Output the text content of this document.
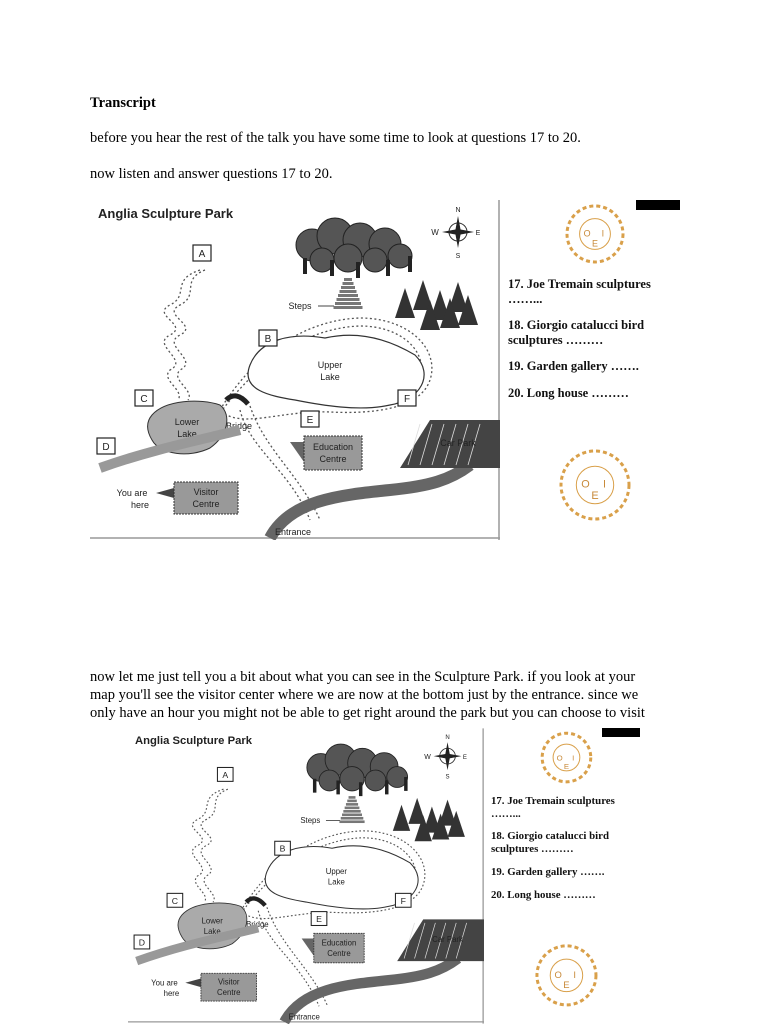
Transcript
before you hear the rest of the talk you have some time to look at questions 17 to 20.
now listen and answer questions 17 to 20.
Anglia Sculpture Park	N
S
W	E
Steps
Upper
Lake
Lower
Lake
Bridge
Car Park
Education
Centre
Visitor
Centre
You are
here
Entrance
A
B
C
D
E
F
O I
E
O I
E
17. Joe Tremain sculptures
……...
18. Giorgio catalucci bird
sculptures ………
19. Garden gallery …….
20. Long house ………
now let me just tell you a bit about what you can see in the Sculpture Park. if you look at your
map you'll see the visitor center where we are now at the bottom just by the entrance. since we
only have an hour you might not be able to get right around the park but you can choose to visit
Anglia Sculpture Park	N
S
W	E
Steps
Upper
Lake
Lower
Lake
Bridge
Car Park
Education
Centre
Visitor
Centre
You are
here
Entrance
A
B
C
D
E
F
O I
E
O I
E
17. Joe Tremain sculptures
……...
18. Giorgio catalucci bird
sculptures ………
19. Garden gallery …….
20. Long house ………
